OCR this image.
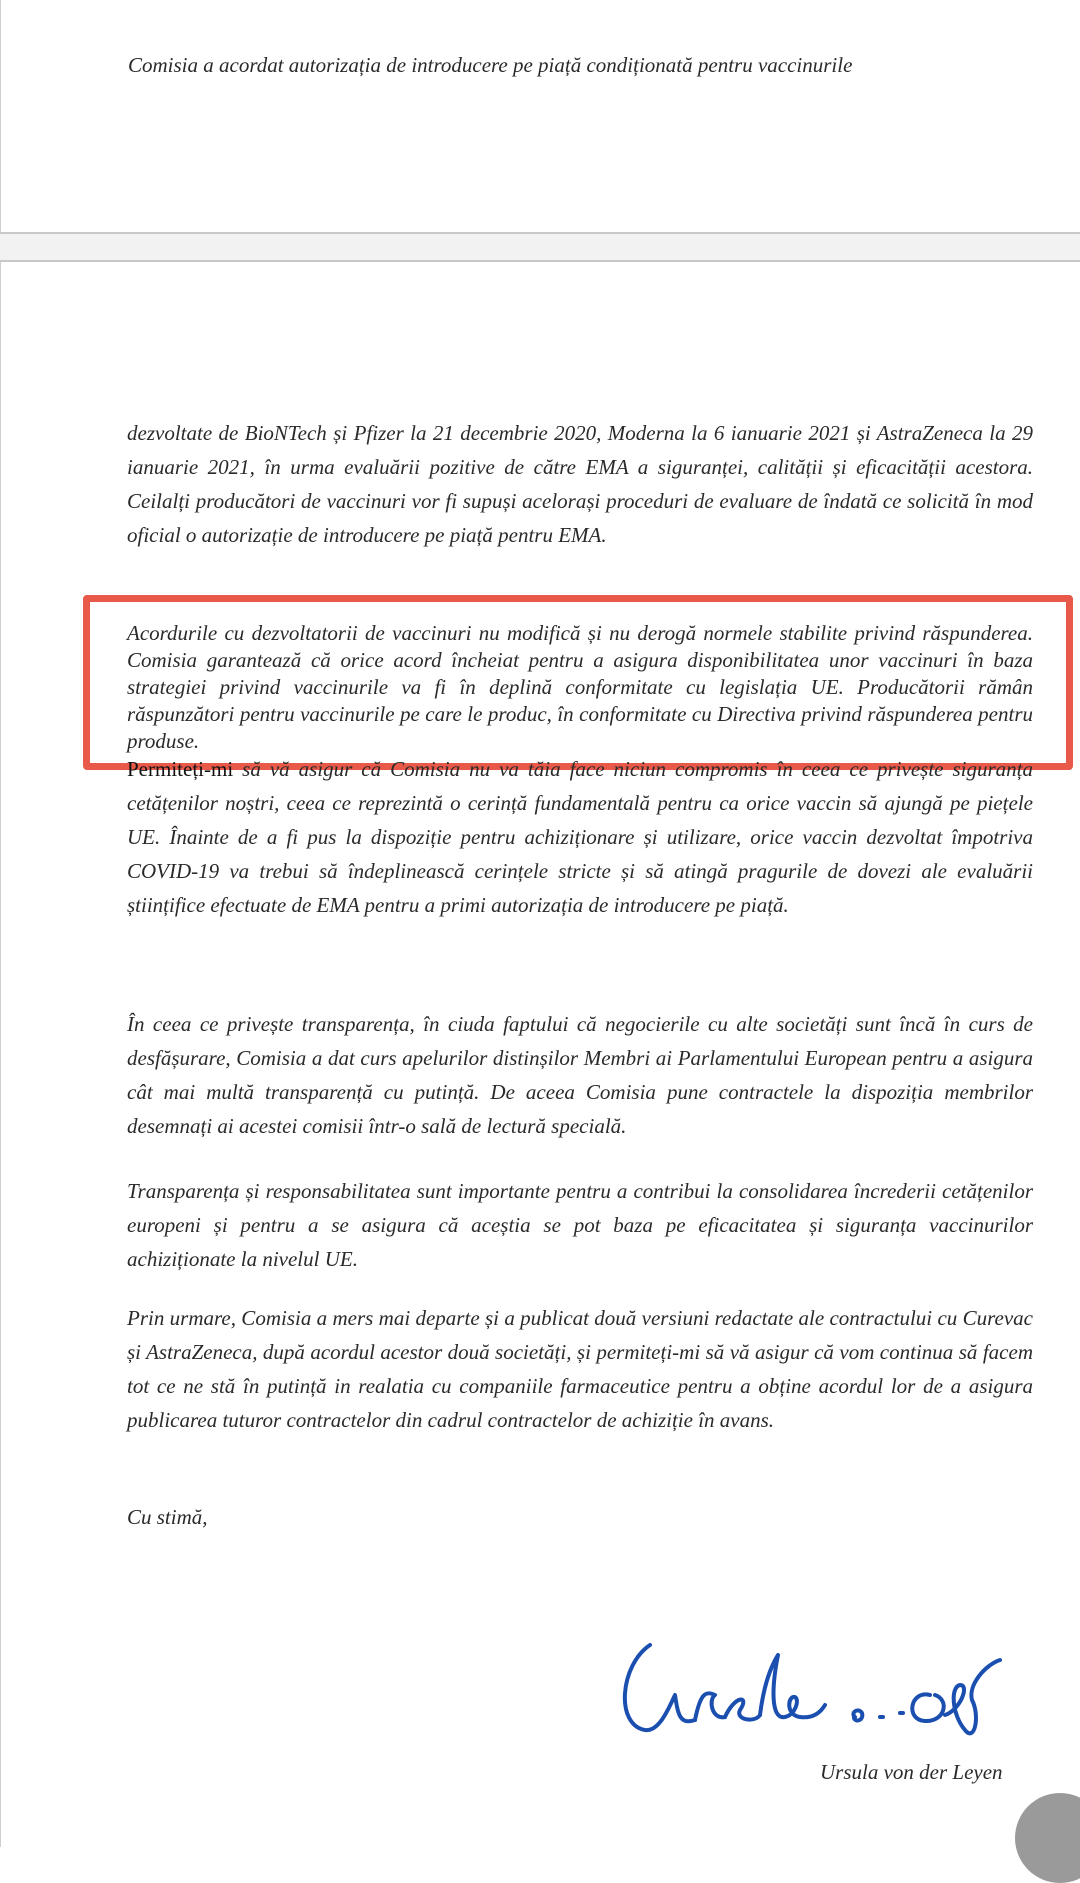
Comisia a acordat autorizația de introducere pe piață condiționată pentru vaccinurile

dezvoltate de BioNTech și Pfizer la 21 decembrie 2020, Moderna la 6 ianuarie 2021 și AstraZeneca la 29 ianuarie 2021, în urma evaluării pozitive de către EMA a siguranței, calității și eficacității acestora. Ceilalți producători de vaccinuri vor fi supuși acelorași proceduri de evaluare de îndată ce solicită în mod oficial o autorizație de introducere pe piață pentru EMA.

Acordurile cu dezvoltatorii de vaccinuri nu modifică și nu derogă normele stabilite privind răspunderea. Comisia garantează că orice acord încheiat pentru a asigura disponibilitatea unor vaccinuri în baza strategiei privind vaccinurile va fi în deplină conformitate cu legislația UE. Producătorii rămân răspunzători pentru vaccinurile pe care le produc, în conformitate cu Directiva privind răspunderea pentru produse.

Permiteți-mi să vă asigur că Comisia nu va tăia face niciun compromis în ceea ce privește siguranța cetățenilor noștri, ceea ce reprezintă o cerință fundamentală pentru ca orice vaccin să ajungă pe piețele UE. Înainte de a fi pus la dispoziție pentru achiziționare și utilizare, orice vaccin dezvoltat împotriva COVID-19 va trebui să îndeplinească cerințele stricte și să atingă pragurile de dovezi ale evaluării științifice efectuate de EMA pentru a primi autorizația de introducere pe piață.

În ceea ce privește transparența, în ciuda faptului că negocierile cu alte societăți sunt încă în curs de desfășurare, Comisia a dat curs apelurilor distinșilor Membri ai Parlamentului European pentru a asigura cât mai multă transparență cu putință. De aceea Comisia pune contractele la dispoziția membrilor desemnați ai acestei comisii într-o sală de lectură specială.

Transparența și responsabilitatea sunt importante pentru a contribui la consolidarea încrederii cetățenilor europeni și pentru a se asigura că aceștia se pot baza pe eficacitatea și siguranța vaccinurilor achiziționate la nivelul UE.

Prin urmare, Comisia a mers mai departe și a publicat două versiuni redactate ale contractului cu Curevac și AstraZeneca, după acordul acestor două societăți, și permiteți-mi să vă asigur că vom continua să facem tot ce ne stă în putință in realatia cu companiile farmaceutice pentru a obține acordul lor de a asigura publicarea tuturor contractelor din cadrul contractelor de achiziție în avans.

Cu stimă,

Ursula von der Leyen
